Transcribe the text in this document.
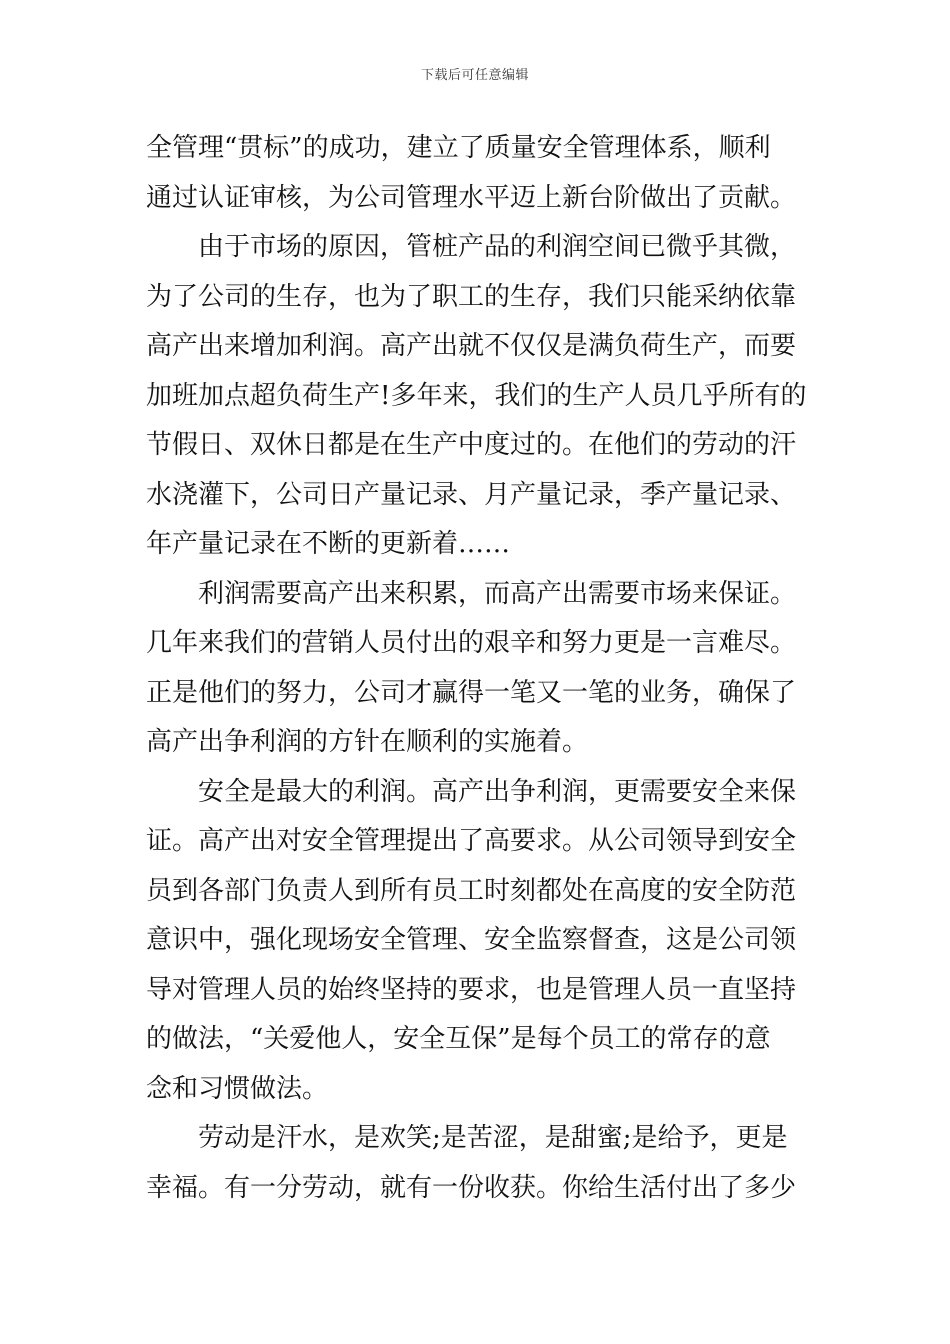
下载后可任意编辑
全管理“贯标”的成功，建立了质量安全管理体系，顺利
通过认证审核，为公司管理水平迈上新台阶做出了贡献。
由于市场的原因，管桩产品的利润空间已微乎其微，
为了公司的生存，也为了职工的生存，我们只能采纳依靠
高产出来增加利润。高产出就不仅仅是满负荷生产，而要
加班加点超负荷生产!多年来，我们的生产人员几乎所有的
节假日、双休日都是在生产中度过的。在他们的劳动的汗
水浇灌下，公司日产量记录、月产量记录，季产量记录、
年产量记录在不断的更新着……
利润需要高产出来积累，而高产出需要市场来保证。
几年来我们的营销人员付出的艰辛和努力更是一言难尽。
正是他们的努力，公司才赢得一笔又一笔的业务，确保了
高产出争利润的方针在顺利的实施着。
安全是最大的利润。高产出争利润，更需要安全来保
证。高产出对安全管理提出了高要求。从公司领导到安全
员到各部门负责人到所有员工时刻都处在高度的安全防范
意识中，强化现场安全管理、安全监察督查，这是公司领
导对管理人员的始终坚持的要求，也是管理人员一直坚持
的做法，“关爱他人，安全互保”是每个员工的常存的意
念和习惯做法。
劳动是汗水，是欢笑;是苦涩，是甜蜜;是给予，更是
幸福。有一分劳动，就有一份收获。你给生活付出了多少
